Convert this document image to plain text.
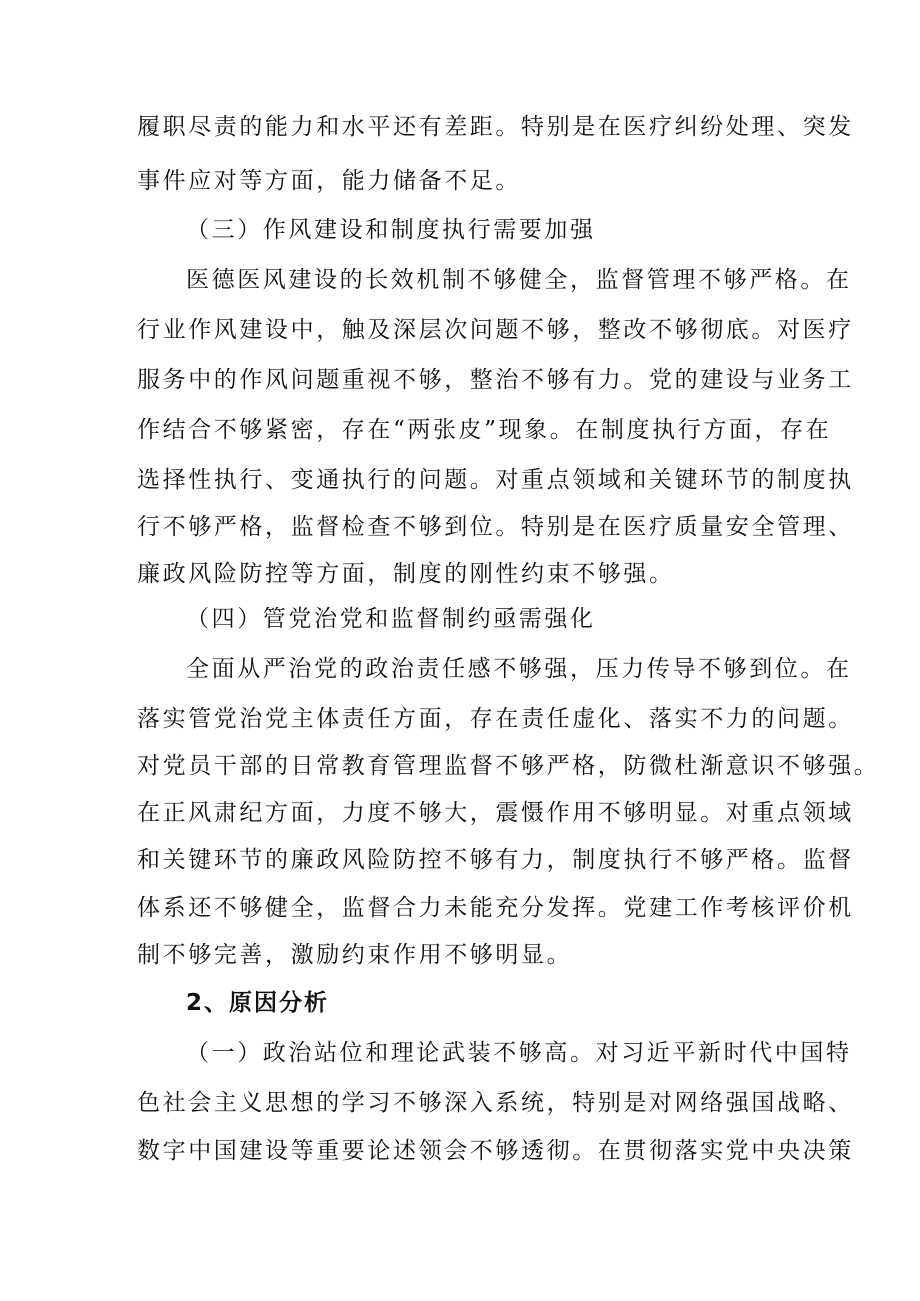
履职尽责的能力和水平还有差距。特别是在医疗纠纷处理、突发
事件应对等方面，能力储备不足。
（三）作风建设和制度执行需要加强
医德医风建设的长效机制不够健全，监督管理不够严格。在
行业作风建设中，触及深层次问题不够，整改不够彻底。对医疗
服务中的作风问题重视不够，整治不够有力。党的建设与业务工
作结合不够紧密，存在“两张皮”现象。在制度执行方面，存在
选择性执行、变通执行的问题。对重点领域和关键环节的制度执
行不够严格，监督检查不够到位。特别是在医疗质量安全管理、
廉政风险防控等方面，制度的刚性约束不够强。
（四）管党治党和监督制约亟需强化
全面从严治党的政治责任感不够强，压力传导不够到位。在
落实管党治党主体责任方面，存在责任虚化、落实不力的问题。
对党员干部的日常教育管理监督不够严格，防微杜渐意识不够强。
在正风肃纪方面，力度不够大，震慑作用不够明显。对重点领域
和关键环节的廉政风险防控不够有力，制度执行不够严格。监督
体系还不够健全，监督合力未能充分发挥。党建工作考核评价机
制不够完善，激励约束作用不够明显。
2、原因分析
（一）政治站位和理论武装不够高。对习近平新时代中国特
色社会主义思想的学习不够深入系统，特别是对网络强国战略、
数字中国建设等重要论述领会不够透彻。在贯彻落实党中央决策
